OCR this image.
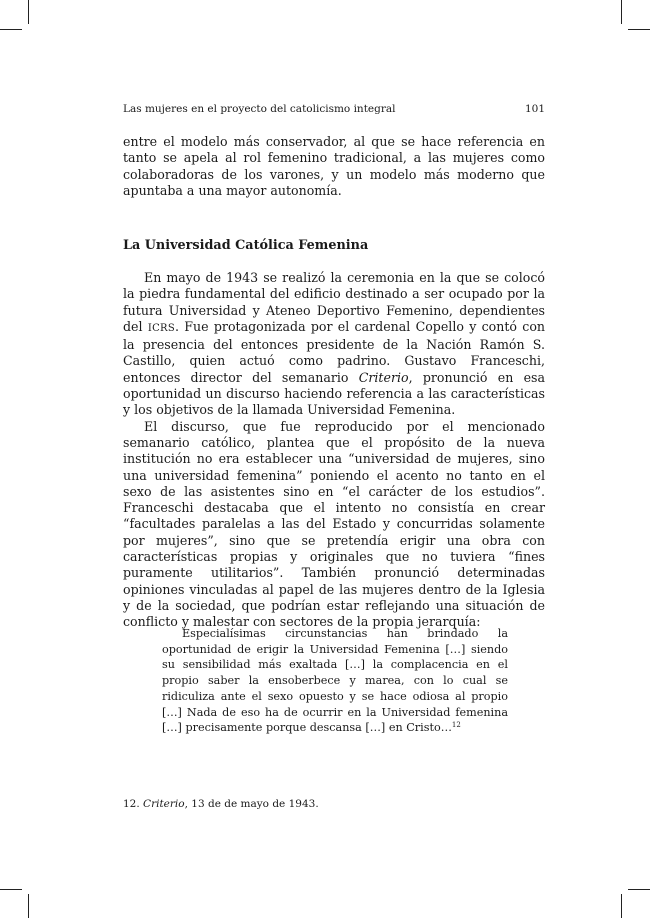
Las mujeres en el proyecto del catolicismo integral	101

entre el modelo más conservador, al que se hace referencia en tanto se apela al rol femenino tradicional, a las mujeres como colaboradoras de los varones, y un modelo más moderno que apuntaba a una mayor autonomía.

La Universidad Católica Femenina

En mayo de 1943 se realizó la ceremonia en la que se colocó la piedra fundamental del edificio destinado a ser ocupado por la futura Universidad y Ateneo Deportivo Femenino, dependientes del ICRS. Fue protagonizada por el cardenal Copello y contó con la presencia del entonces presidente de la Nación Ramón S. Castillo, quien actuó como padrino. Gustavo Franceschi, entonces director del semanario Criterio, pronunció en esa oportunidad un discurso haciendo referencia a las características y los objetivos de la llamada Universidad Femenina.

El discurso, que fue reproducido por el mencionado semanario católico, plantea que el propósito de la nueva institución no era establecer una “universidad de mujeres, sino una universidad femenina” poniendo el acento no tanto en el sexo de las asistentes sino en “el carácter de los estudios”. Franceschi destacaba que el intento no consistía en crear “facultades paralelas a las del Estado y concurridas solamente por mujeres”, sino que se pretendía erigir una obra con características propias y originales que no tuviera “fines puramente utilitarios”. También pronunció determinadas opiniones vinculadas al papel de las mujeres dentro de la Iglesia y de la sociedad, que podrían estar reflejando una situación de conflicto y malestar con sectores de la propia jerarquía:

Especialísimas circunstancias han brindado la oportunidad de erigir la Universidad Femenina […] siendo su sensibilidad más exaltada […] la complacencia en el propio saber la ensoberbece y marea, con lo cual se ridiculiza ante el sexo opuesto y se hace odiosa al propio […] Nada de eso ha de ocurrir en la Universidad femenina […] precisamente porque descansa […] en Cristo…$^{12}$

12. Criterio, 13 de de mayo de 1943.
